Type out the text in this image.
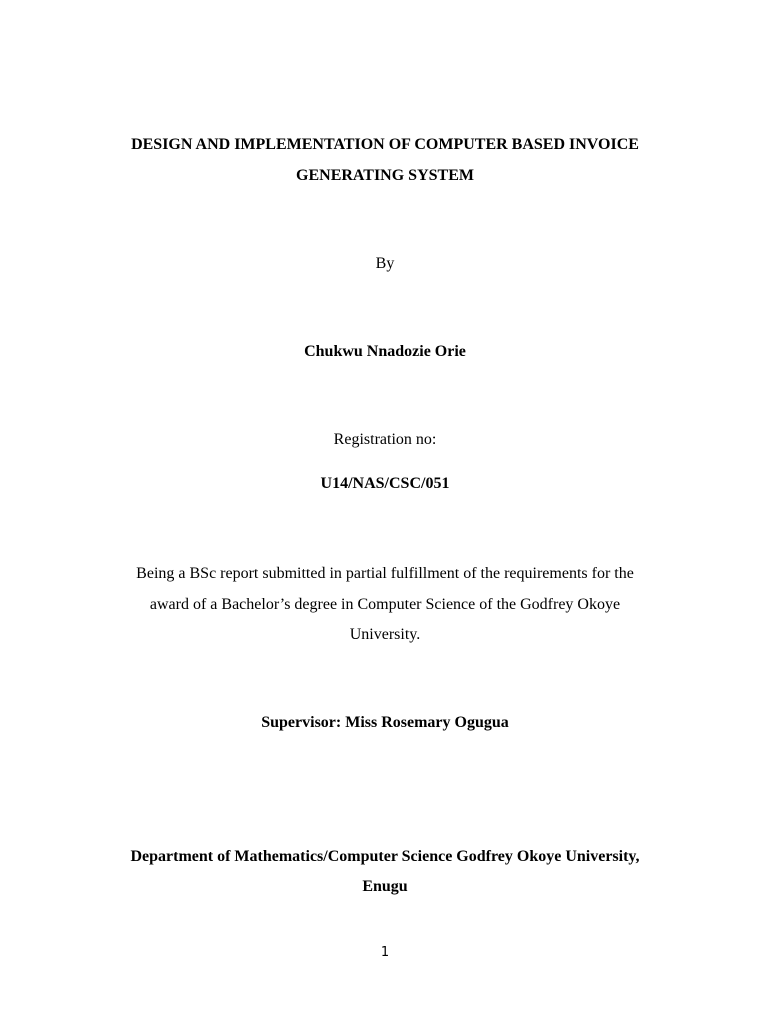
DESIGN AND IMPLEMENTATION OF COMPUTER BASED INVOICE
GENERATING SYSTEM
By
Chukwu Nnadozie Orie
Registration no:
U14/NAS/CSC/051
Being a BSc report submitted in partial fulfillment of the requirements for the
award of a Bachelor’s degree in Computer Science of the Godfrey Okoye
University.
Supervisor: Miss Rosemary Ogugua
Department of Mathematics/Computer Science Godfrey Okoye University,
Enugu
1
